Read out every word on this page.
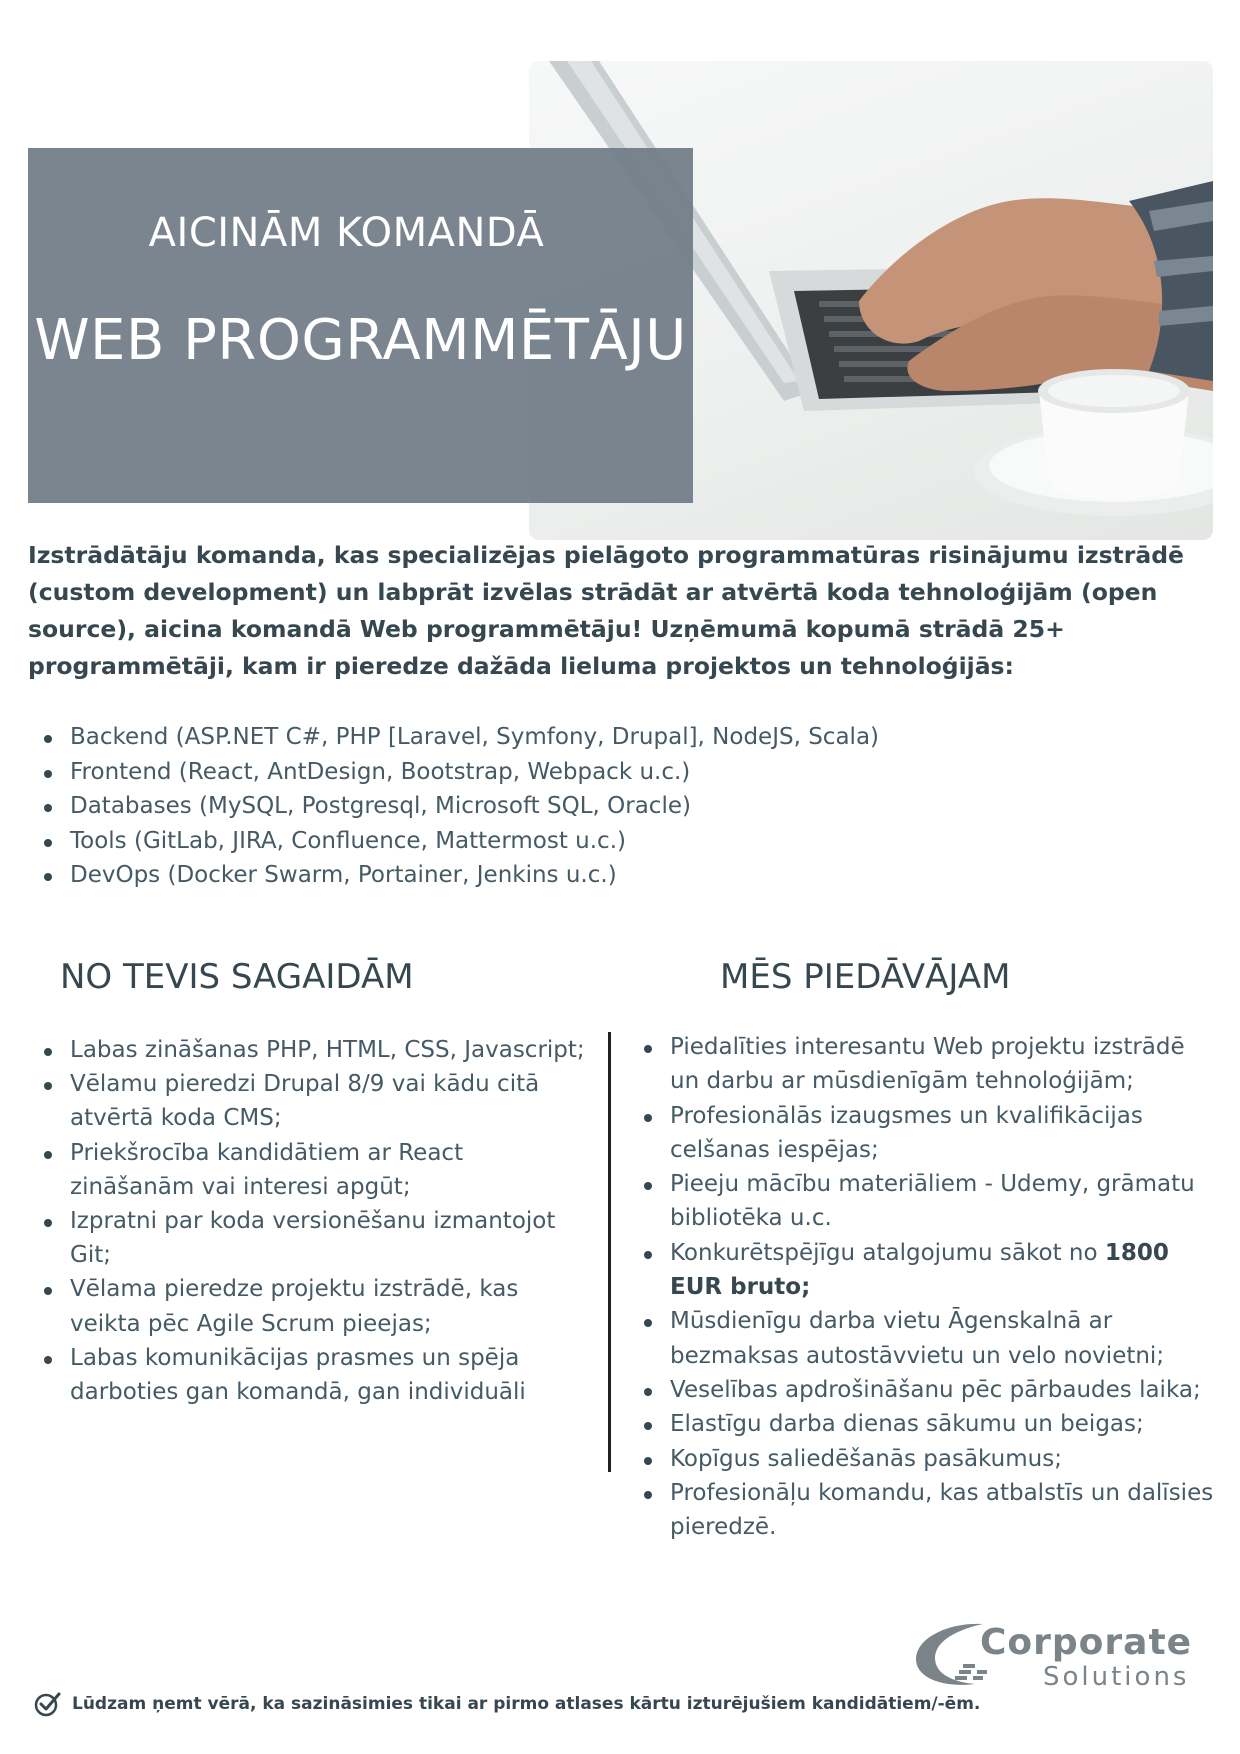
AICINĀM KOMANDĀ
WEB PROGRAMMĒTĀJU

Izstrādātāju komanda, kas specializējas pielāgoto programmatūras risinājumu izstrādē (custom development) un labprāt izvēlas strādāt ar atvērtā koda tehnoloģijām (open source), aicina komandā Web programmētāju! Uzņēmumā kopumā strādā 25+ programmētāji, kam ir pieredze dažāda lieluma projektos un tehnoloģijās:

Backend (ASP.NET C#, PHP [Laravel, Symfony, Drupal], NodeJS, Scala)
Frontend (React, AntDesign, Bootstrap, Webpack u.c.)
Databases (MySQL, Postgresql, Microsoft SQL, Oracle)
Tools (GitLab, JIRA, Confluence, Mattermost u.c.)
DevOps (Docker Swarm, Portainer, Jenkins u.c.)
NO TEVIS SAGAIDĀM	MĒS PIEDĀVĀJAM
Labas zināšanas PHP, HTML, CSS, Javascript;
Vēlamu pieredzi Drupal 8/9 vai kādu citā atvērtā koda CMS;
Priekšrocība kandidātiem ar React zināšanām vai interesi apgūt;
Izpratni par koda versionēšanu izmantojot Git;
Vēlama pieredze projektu izstrādē, kas veikta pēc Agile Scrum pieejas;
Labas komunikācijas prasmes un spēja darboties gan komandā, gan individuāli
Piedalīties interesantu Web projektu izstrādē un darbu ar mūsdienīgām tehnoloģijām;
Profesionālās izaugsmes un kvalifikācijas celšanas iespējas;
Pieeju mācību materiāliem - Udemy, grāmatu bibliotēka u.c.
Konkurētspējīgu atalgojumu sākot no 1800 EUR bruto;
Mūsdienīgu darba vietu Āgenskalnā ar bezmaksas autostāvvietu un velo novietni;
Veselības apdrošināšanu pēc pārbaudes laika;
Elastīgu darba dienas sākumu un beigas;
Kopīgus saliedēšanās pasākumus;
Profesionāļu komandu, kas atbalstīs un dalīsies pieredzē.

Corporate

Solutions

Lūdzam ņemt vērā, ka sazināsimies tikai ar pirmo atlases kārtu izturējušiem kandidātiem/-ēm.
